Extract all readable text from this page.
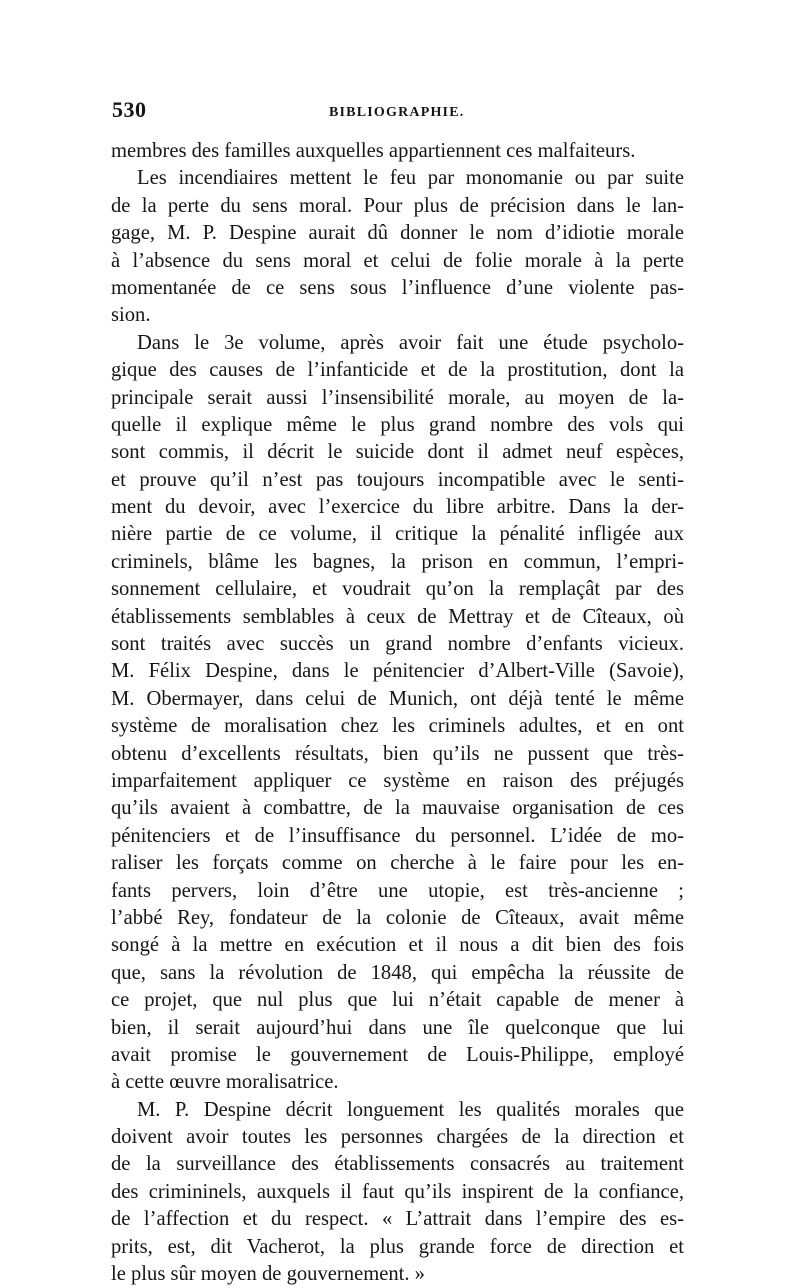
530	BIBLIOGRAPHIE.
membres des familles auxquelles appartiennent ces malfaiteurs.
Les incendiaires mettent le feu par monomanie ou par suite
de la perte du sens moral. Pour plus de précision dans le lan-
gage, M. P. Despine aurait dû donner le nom d’idiotie morale
à l’absence du sens moral et celui de folie morale à la perte
momentanée de ce sens sous l’influence d’une violente pas-
sion.
Dans le 3e volume, après avoir fait une étude psycholo-
gique des causes de l’infanticide et de la prostitution, dont la
principale serait aussi l’insensibilité morale, au moyen de la-
quelle il explique même le plus grand nombre des vols qui
sont commis, il décrit le suicide dont il admet neuf espèces,
et prouve qu’il n’est pas toujours incompatible avec le senti-
ment du devoir, avec l’exercice du libre arbitre. Dans la der-
nière partie de ce volume, il critique la pénalité infligée aux
criminels, blâme les bagnes, la prison en commun, l’empri-
sonnement cellulaire, et voudrait qu’on la remplaçât par des
établissements semblables à ceux de Mettray et de Cîteaux, où
sont traités avec succès un grand nombre d’enfants vicieux.
M. Félix Despine, dans le pénitencier d’Albert-Ville (Savoie),
M. Obermayer, dans celui de Munich, ont déjà tenté le même
système de moralisation chez les criminels adultes, et en ont
obtenu d’excellents résultats, bien qu’ils ne pussent que très-
imparfaitement appliquer ce système en raison des préjugés
qu’ils avaient à combattre, de la mauvaise organisation de ces
pénitenciers et de l’insuffisance du personnel. L’idée de mo-
raliser les forçats comme on cherche à le faire pour les en-
fants pervers, loin d’être une utopie, est très-ancienne ;
l’abbé Rey, fondateur de la colonie de Cîteaux, avait même
songé à la mettre en exécution et il nous a dit bien des fois
que, sans la révolution de 1848, qui empêcha la réussite de
ce projet, que nul plus que lui n’était capable de mener à
bien, il serait aujourd’hui dans une île quelconque que lui
avait promise le gouvernement de Louis-Philippe, employé
à cette œuvre moralisatrice.
M. P. Despine décrit longuement les qualités morales que
doivent avoir toutes les personnes chargées de la direction et
de la surveillance des établissements consacrés au traitement
des crimininels, auxquels il faut qu’ils inspirent de la confiance,
de l’affection et du respect. « L’attrait dans l’empire des es-
prits, est, dit Vacherot, la plus grande force de direction et
le plus sûr moyen de gouvernement. »
